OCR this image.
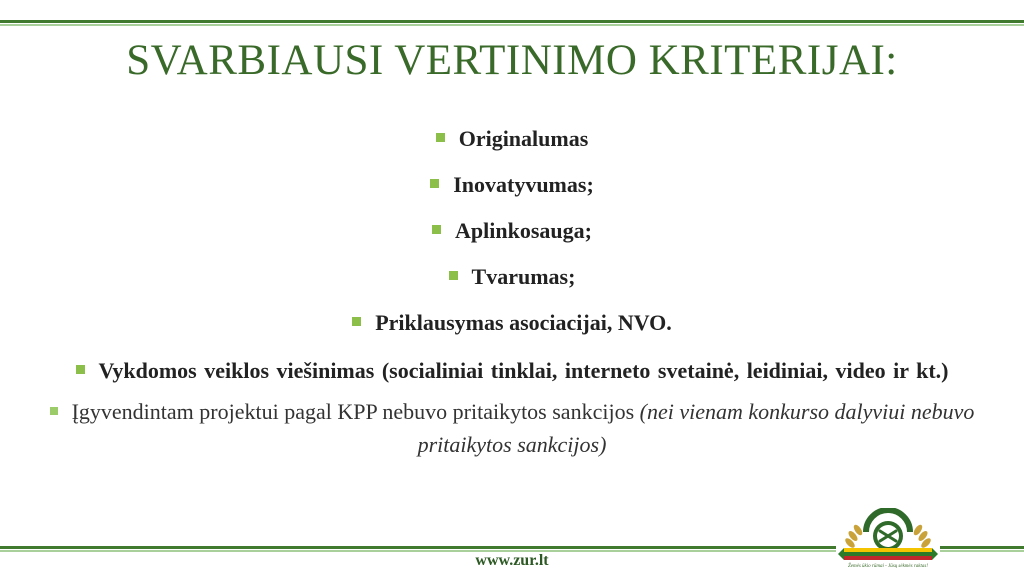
SVARBIAUSI VERTINIMO KRITERIJAI:
Originalumas
Inovatyvumas;
Aplinkosauga;
Tvarumas;
Priklausymas asociacijai, NVO.
Vykdomos veiklos viešinimas (socialiniai tinklai, interneto svetainė, leidiniai, video ir kt.)
Įgyvendintam projektui pagal KPP nebuvo pritaikytos sankcijos (nei vienam konkurso dalyviui nebuvo pritaikytos sankcijos)
www.zur.lt	Žemės ūkio rūmai - Jūsų sėkmės raktas!
